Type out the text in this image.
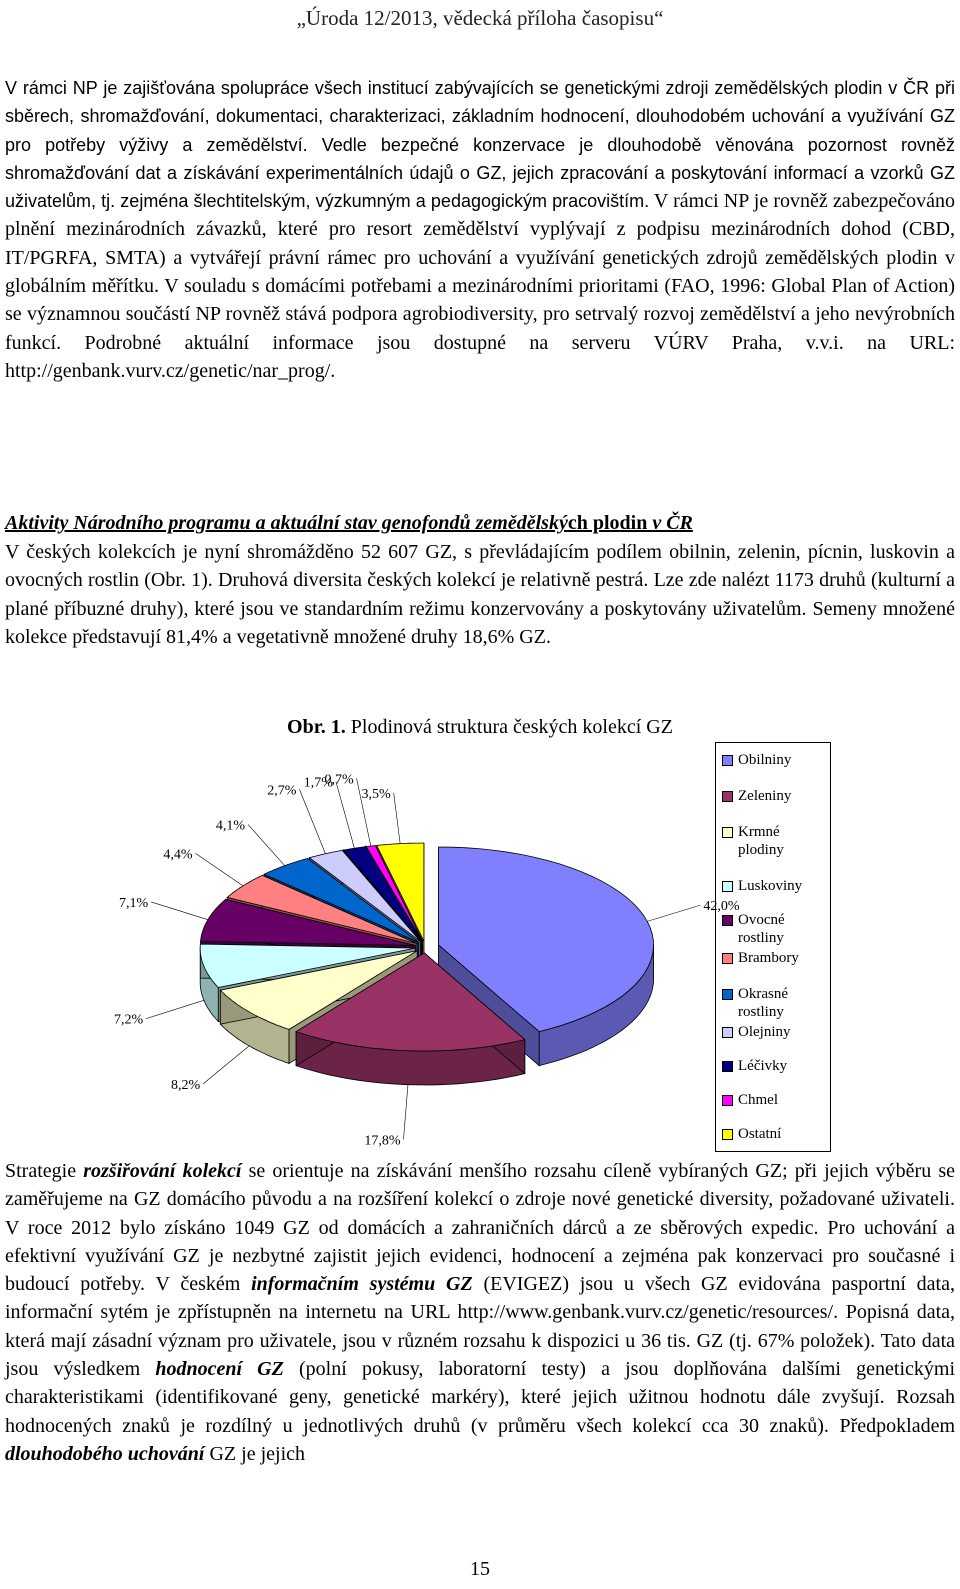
„Úroda 12/2013, vědecká příloha časopisu“

V rámci NP je zajišťována spolupráce všech institucí zabývajících se genetickými zdroji zemědělských plodin v ČR při sběrech, shromažďování, dokumentaci, charakterizaci, základním hodnocení, dlouhodobém uchování a využívání GZ pro potřeby výživy a zemědělství. Vedle bezpečné konzervace je dlouhodobě věnována pozornost rovněž shromažďování dat a získávání experimentálních údajů o GZ, jejich zpracování a poskytování informací a vzorků GZ uživatelům, tj. zejména šlechtitelským, výzkumným a pedagogickým pracovištím. V rámci NP je rovněž zabezpečováno plnění mezinárodních závazků, které pro resort zemědělství vyplývají z podpisu mezinárodních dohod (CBD, IT/PGRFA, SMTA) a vytvářejí právní rámec pro uchování a využívání genetických zdrojů zemědělských plodin v globálním měřítku. V souladu s domácími potřebami a mezinárodními prioritami (FAO, 1996: Global Plan of Action) se významnou součástí NP rovněž stává podpora agrobiodiversity, pro setrvalý rozvoj zemědělství a jeho nevýrobních funkcí. Podrobné aktuální informace jsou dostupné na serveru VÚRV Praha, v.v.i. na URL: http://genbank.vurv.cz/genetic/nar_prog/.

Aktivity Národního programu a aktuální stav genofondů zemědělských plodin v ČR

V českých kolekcích je nyní shromážděno 52 607 GZ, s převládajícím podílem obilnin, zelenin, pícnin, luskovin a ovocných rostlin (Obr. 1). Druhová diversita českých kolekcí je relativně pestrá. Lze zde nalézt 1173 druhů (kulturní a plané příbuzné druhy), které jsou ve standardním režimu konzervovány a poskytovány uživatelům. Semeny množené kolekce představují 81,4% a vegetativně množené druhy 18,6% GZ.

Obr. 1. Plodinová struktura českých kolekcí GZ
42,0%
17,8%
8,2%
7,2%
7,1%
4,4%
4,1%
2,7%
1,7%
0,7%
3,5%
Obilniny
Zeleniny
Krmné plodiny
Luskoviny
Ovocné rostliny
Brambory
Okrasné rostliny
Olejniny
Léčivky
Chmel
Ostatní

Strategie rozšiřování kolekcí se orientuje na získávání menšího rozsahu cíleně vybíraných GZ; při jejich výběru se zaměřujeme na GZ domácího původu a na rozšíření kolekcí o zdroje nové genetické diversity, požadované uživateli. V roce 2012 bylo získáno 1049 GZ od domácích a zahraničních dárců a ze sběrových expedic. Pro uchování a efektivní využívání GZ je nezbytné zajistit jejich evidenci, hodnocení a zejména pak konzervaci pro současné i budoucí potřeby. V českém informačním systému GZ (EVIGEZ) jsou u všech GZ evidována pasportní data, informační sytém je zpřístupněn na internetu na URL http://www.genbank.vurv.cz/genetic/resources/. Popisná data, která mají zásadní význam pro uživatele, jsou v různém rozsahu k dispozici u 36 tis. GZ (tj. 67% položek). Tato data jsou výsledkem hodnocení GZ (polní pokusy, laboratorní testy) a jsou doplňována dalšími genetickými charakteristikami (identifikované geny, genetické markéry), které jejich užitnou hodnotu dále zvyšují. Rozsah hodnocených znaků je rozdílný u jednotlivých druhů (v průměru všech kolekcí cca 30 znaků). Předpokladem dlouhodobého uchování GZ je jejich

15
